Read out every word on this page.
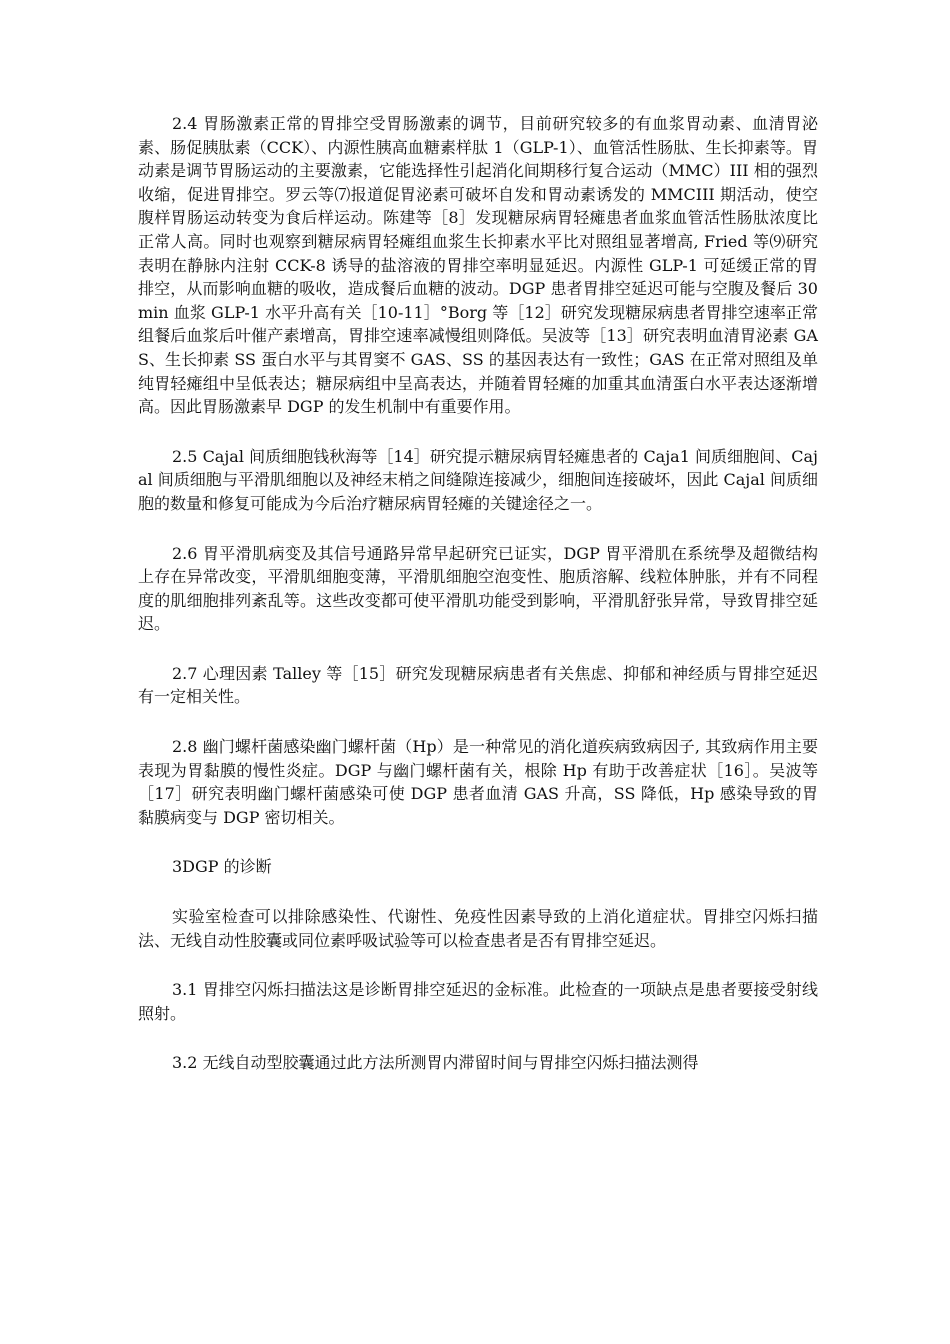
2.4 胃肠激素正常的胃排空受胃肠激素的调节，目前研究较多的有血浆胃动素、血清胃泌素、肠促胰肽素（CCK）、内源性胰高血糖素样肽 1（GLP-1）、血管活性肠肽、生长抑素等。胃动素是调节胃肠运动的主要激素，它能选择性引起消化间期移行复合运动（MMC）III 相的强烈收缩，促进胃排空。罗云等⑺报道促胃泌素可破坏自发和胃动素诱发的 MMCIII 期活动，使空腹样胃肠运动转变为食后样运动。陈建等［8］发现糖尿病胃轻瘫患者血浆血管活性肠肽浓度比正常人高。同时也观察到糖尿病胃轻瘫组血浆生长抑素水平比对照组显著增高, Fried 等⑼研究表明在静脉内注射 CCK-8 诱导的盐溶液的胃排空率明显延迟。内源性 GLP-1 可延缓正常的胃排空，从而影响血糖的吸收，造成餐后血糖的波动。DGP 患者胃排空延迟可能与空腹及餐后 30min 血浆 GLP-1 水平升高有关［10-11］°Borg 等［12］研究发现糖尿病患者胃排空速率正常组餐后血浆后叶催产素增高，胃排空速率减慢组则降低。吴波等［13］研究表明血清胃泌素 GAS、生长抑素 SS 蛋白水平与其胃窦不 GAS、SS 的基因表达有一致性；GAS 在正常对照组及单纯胃轻瘫组中呈低表达；糖尿病组中呈高表达，并随着胃轻瘫的加重其血清蛋白水平表达逐渐增高。因此胃肠激素早 DGP 的发生机制中有重要作用。

2.5 Cajal 间质细胞钱秋海等［14］研究提示糖尿病胃轻瘫患者的 Caja1 间质细胞间、Cajal 间质细胞与平滑肌细胞以及神经末梢之间缝隙连接减少，细胞间连接破坏，因此 Cajal 间质细胞的数量和修复可能成为今后治疗糖尿病胃轻瘫的关键途径之一。

2.6 胃平滑肌病变及其信号通路异常早起研究已证实，DGP 胃平滑肌在系统學及超微结构上存在异常改变，平滑肌细胞变薄，平滑肌细胞空泡变性、胞质溶解、线粒体肿胀，并有不同程度的肌细胞排列紊乱等。这些改变都可使平滑肌功能受到影响，平滑肌舒张异常，导致胃排空延迟。

2.7 心理因素 Talley 等［15］研究发现糖尿病患者有关焦虑、抑郁和神经质与胃排空延迟有一定相关性。

2.8 幽门螺杆菌感染幽门螺杆菌（Hp）是一种常见的消化道疾病致病因子, 其致病作用主要表现为胃黏膜的慢性炎症。DGP 与幽门螺杆菌有关，根除 Hp 有助于改善症状［16］。吴波等［17］研究表明幽门螺杆菌感染可使 DGP 患者血清 GAS 升高，SS 降低，Hp 感染导致的胃黏膜病变与 DGP 密切相关。

3DGP 的诊断

实验室检查可以排除感染性、代谢性、免疫性因素导致的上消化道症状。胃排空闪烁扫描法、无线自动性胶囊或同位素呼吸试验等可以检查患者是否有胃排空延迟。

3.1 胃排空闪烁扫描法这是诊断胃排空延迟的金标准。此检查的一项缺点是患者要接受射线照射。

3.2 无线自动型胶囊通过此方法所测胃内滞留时间与胃排空闪烁扫描法测得
